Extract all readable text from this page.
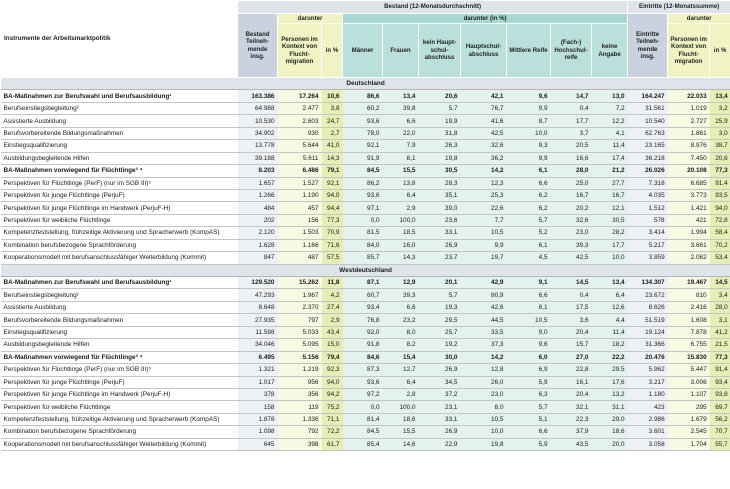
Instrumente der Arbeitsmarktpolitik	Bestand (12-Monatsdurchschnitt)										Eintritte (12-Monatssumme)		
	Bestand Teilnehmende insg.	darunter		darunter (in %)							Eintritte Teilnehmende insg.	darunter	
		Personen im Kontext von Fluchtmigration	in %	Männer	Frauen	kein Hauptschulabschluss	Hauptschulabschluss	Mittlere Reife	(Fach-) Hochschulreife	keine Angabe		Personen im Kontext von Fluchtmigration	in %
Deutschland													
BA-Maßnahmen zur Berufswahl und Berufsausbildung¹	163.386	17.264	10,6	86,6	13,4	20,6	42,1	9,6	14,7	13,0	164.247	22.033	13,4
Berufseinstiegsbegleitung²	64.988	2.477	3,8	60,2	39,8	5,7	76,7	9,9	0,4	7,2	31.561	1.019	3,2
Assistierte Ausbildung	10.530	2.603	24,7	93,6	6,6	19,9	41,6	8,7	17,7	12,2	10.540	2.727	25,9
Berufsvorbereitende Bildungsmaßnahmen	34.902	930	2,7	78,0	22,0	31,8	42,5	10,0	3,7	4,1	62.763	1.861	3,0
Einstiegsqualifizierung	13.778	5.644	41,0	92,1	7,9	26,3	32,6	9,3	20,5	11,4	23.165	8.976	38,7
Ausbildungsbegleitende Hilfen	39.188	5.611	14,3	91,9	8,1	19,8	36,2	9,9	16,6	17,4	36.218	7.450	20,6
BA-Maßnahmen vorwiegend für Flüchtlinge³ ⁴	8.203	6.486	79,1	84,5	15,5	30,5	14,2	6,1	28,0	21,2	26.026	20.108	77,3
Perspektiven für Flüchtlinge (PerF) (nur im SGB III)⁵	1.657	1.527	92,1	86,2	13,8	28,3	12,3	6,6	25,0	27,7	7.318	6.685	91,4
Perspektiven für junge Flüchtlinge (PerjuF)	1.266	1.190	94,0	93,6	6,4	35,1	25,3	6,2	16,7	16,7	4.035	3.773	93,5
Perspektiven für junge Flüchtlinge im Handwerk (PerjuF-H)	484	457	94,4	97,1	2,9	39,0	22,6	6,2	20,2	12,1	1.512	1.421	94,0
Perspektiven für weibliche Flüchtlinge	202	156	77,3	0,0	100,0	23,6	7,7	5,7	32,6	30,5	578	421	72,8
Kompetenzfeststellung, frühzeitige Aktivierung und Spracherwerb (KompAS)	2.120	1.503	70,9	81,5	18,5	33,1	10,5	5,2	23,0	28,2	3.414	1.994	58,4
Kombination berufsbezogene Sprachförderung	1.628	1.166	71,6	84,0	16,0	26,9	9,9	6,1	39,3	17,7	5.217	3.661	70,2
Kooperationsmodell mit berufsanschlussfähiger Weiterbildung (Kommit)	847	487	57,5	85,7	14,3	23,7	19,7	4,5	42,5	10,0	3.859	2.062	53,4
Westdeutschland													
BA-Maßnahmen zur Berufswahl und Berufsausbildung¹	129.520	15.262	11,8	87,1	12,9	20,1	42,9	9,1	14,5	13,4	134.307	19.467	14,5
Berufseinstiegsbegleitung²	47.293	1.967	4,2	60,7	39,3	5,7	80,9	6,6	0,4	6,4	23.672	810	3,4
Assistierte Ausbildung	8.648	2.370	27,4	93,4	6,6	19,3	42,6	8,1	17,5	12,6	8.626	2.416	28,0
Berufsvorbereitende Bildungsmaßnahmen	27.935	797	2,9	76,8	23,2	29,5	44,5	10,5	3,6	4,4	51.519	1.608	3,1
Einstiegsqualifizierung	11.598	5.033	43,4	92,0	8,0	25,7	33,5	9,0	20,4	11,4	19.124	7.878	41,2
Ausbildungsbegleitende Hilfen	34.046	5.095	15,0	91,8	8,2	19,2	37,3	9,6	15,7	18,2	31.366	6.755	21,5
BA-Maßnahmen vorwiegend für Flüchtlinge³ ⁴	6.495	5.156	79,4	84,6	15,4	30,0	14,2	6,0	27,0	22,2	20.476	15.830	77,3
Perspektiven für Flüchtlinge (PerF) (nur im SGB III)⁵	1.321	1.219	92,3	87,3	12,7	26,9	12,8	6,9	22,8	29,5	5.962	5.447	91,4
Perspektiven für junge Flüchtlinge (PerjuF)	1.017	956	94,0	93,6	6,4	34,5	26,0	5,9	16,1	17,6	3.217	3.006	93,4
Perspektiven für junge Flüchtlinge im Handwerk (PerjuF-H)	378	356	94,2	97,2	2,8	37,2	23,0	6,3	20,4	13,2	1.180	1.107	93,8
Perspektiven für weibliche Flüchtlinge	158	119	75,2	0,0	100,0	23,1	8,0	5,7	32,1	31,1	423	295	69,7
Kompetenzfeststellung, frühzeitige Aktivierung und Spracherwerb (KompAS)	1.878	1.336	71,1	81,4	18,6	33,1	10,5	5,1	22,3	29,0	2.986	1.679	56,2
Kombination berufsbezogene Sprachförderung	1.098	792	72,2	84,5	15,5	26,9	10,0	6,6	37,9	18,6	3.601	2.545	70,7
Kooperationsmodell mit berufsanschlussfähiger Weiterbildung (Kommit)	645	398	61,7	85,4	14,6	22,9	19,8	5,9	43,5	20,0	3.058	1.704	55,7
